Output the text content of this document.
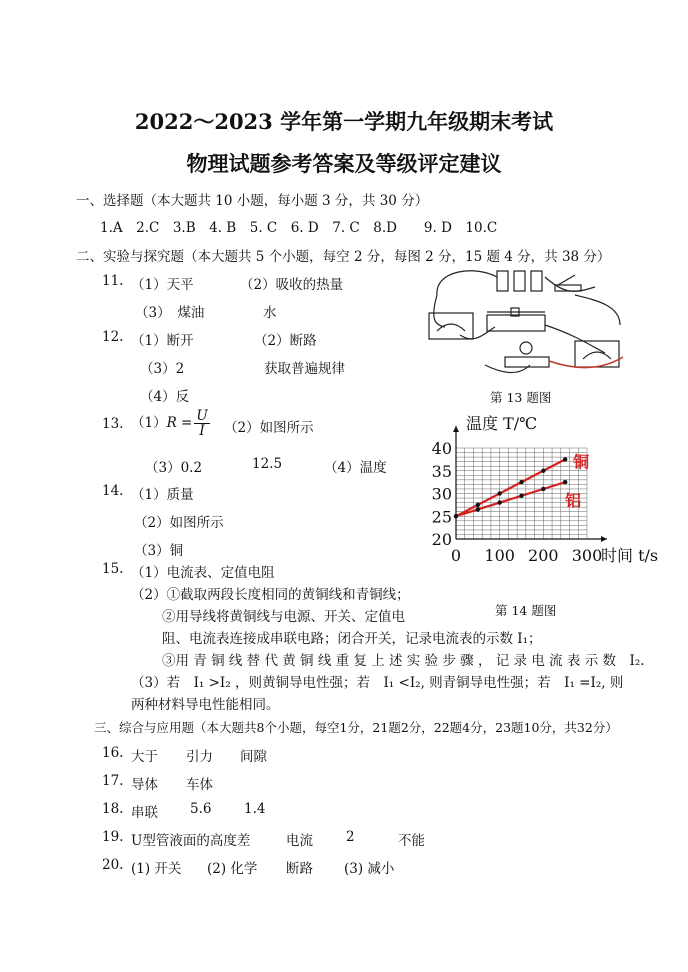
2022～2023 学年第一学期九年级期末考试
物理试题参考答案及等级评定建议
一、选择题（本大题共 10 小题，每小题 3 分，共 30 分）
1.A　2.C　3.B　4. B　5. C　6. D　7. C　8.D　　9. D　10.C
二、实验与探究题（本大题共 5 个小题，每空 2 分，每图 2 分，15 题 4 分，共 38 分）
11. （1）天平	（2）吸收的热量
（3）　煤油	水
12. （1）断开	（2）断路
（3）2	获取普遍规律
（4）反
13. $(1)R = \frac{U}{I} (2)$如图所示
（3）0.2	12.5	（4）温度
14. （1）质量
（2）如图所示
（3）铜
15. （1）电流表、定值电阻
（2）①截取两段长度相同的黄铜线和青铜线；
②用导线将黄铜线与电源、开关、定值电
阻、电流表连接成串联电路；闭合开关，记录电流表的示数 I₁；
③用 青 铜 线 替 代 黄 铜 线 重 复 上 述 实 验 步 骤 ， 记 录 电 流 表 示 数　I₂.
（3）若　I₁ >I₂ ，则黄铜导电性强；若　I₁ <I₂, 则青铜导电性强；若　I₁ =I₂, 则
两种材料导电性能相同。
三、综合与应用题（本大题共8个小题，每空1分，21题2分，22题4分，23题10分，共32分）
16. 大于 引力 间隙
17. 导体 车体
18. 串联 5.6 1.4
19. U型管液面的高度差	电流 2	不能
20. (1) 开关 (2) 化学 断路 (3) 减小
第 13 题图
20
25
30
35
40
0 100 200 300
温度 T/℃
时间 t/s
铜
铝
第 14 题图
